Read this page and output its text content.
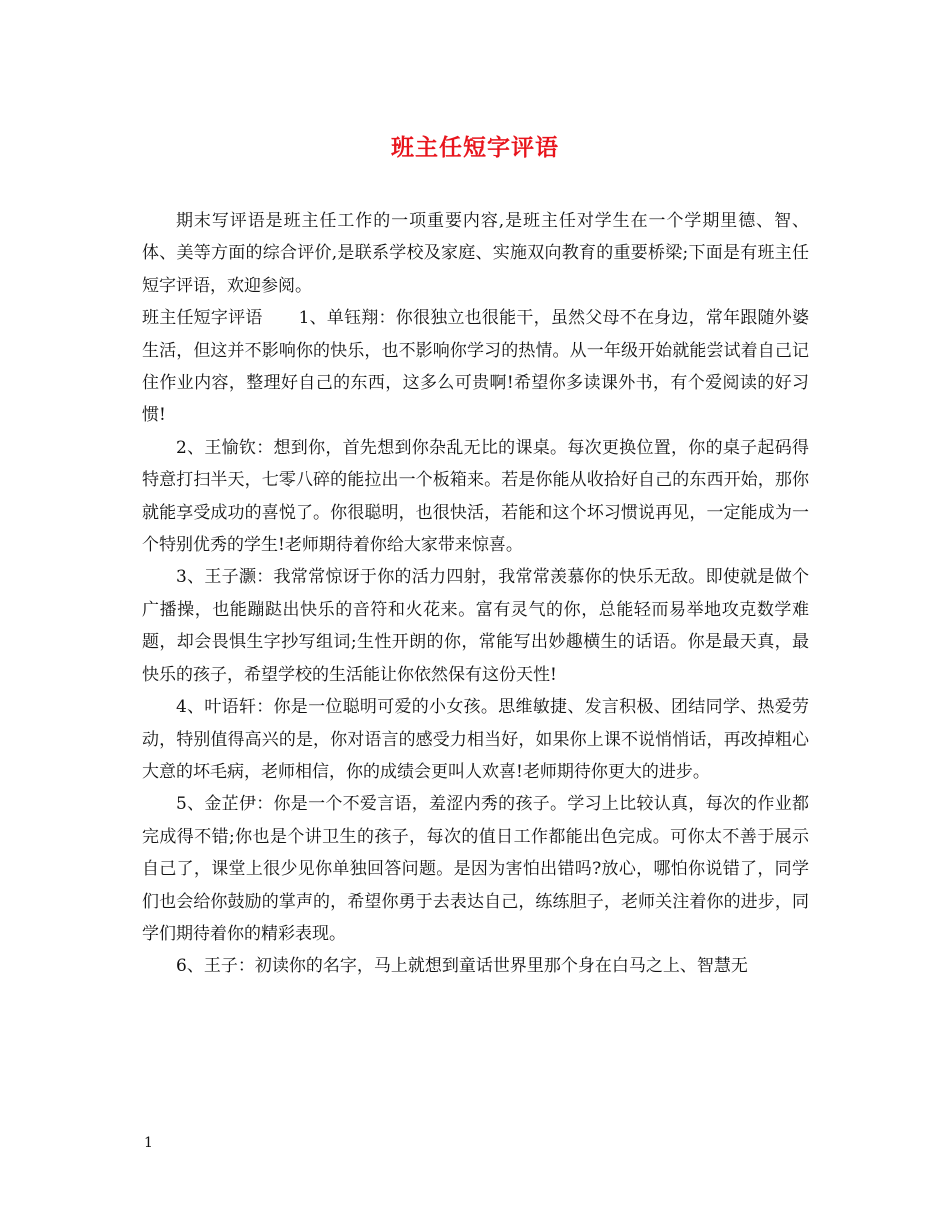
班主任短字评语

期末写评语是班主任工作的一项重要内容,是班主任对学生在一个学期里德、智、体、美等方面的综合评价,是联系学校及家庭、实施双向教育的重要桥梁;下面是有班主任短字评语，欢迎参阅。

班主任短字评语 1、单钰翔：你很独立也很能干，虽然父母不在身边，常年跟随外婆生活，但这并不影响你的快乐，也不影响你学习的热情。从一年级开始就能尝试着自己记住作业内容，整理好自己的东西，这多么可贵啊!希望你多读课外书，有个爱阅读的好习惯!

2、王愉钦：想到你，首先想到你杂乱无比的课桌。每次更换位置，你的桌子起码得特意打扫半天，七零八碎的能拉出一个板箱来。若是你能从收拾好自己的东西开始，那你就能享受成功的喜悦了。你很聪明，也很快活，若能和这个坏习惯说再见，一定能成为一个特别优秀的学生!老师期待着你给大家带来惊喜。

3、王子灏：我常常惊讶于你的活力四射，我常常羡慕你的快乐无敌。即使就是做个广播操，也能蹦跶出快乐的音符和火花来。富有灵气的你，总能轻而易举地攻克数学难题，却会畏惧生字抄写组词;生性开朗的你，常能写出妙趣横生的话语。你是最天真，最快乐的孩子，希望学校的生活能让你依然保有这份天性!

4、叶语轩：你是一位聪明可爱的小女孩。思维敏捷、发言积极、团结同学、热爱劳动，特别值得高兴的是，你对语言的感受力相当好，如果你上课不说悄悄话，再改掉粗心大意的坏毛病，老师相信，你的成绩会更叫人欢喜!老师期待你更大的进步。

5、金芷伊：你是一个不爱言语，羞涩内秀的孩子。学习上比较认真，每次的作业都完成得不错;你也是个讲卫生的孩子，每次的值日工作都能出色完成。可你太不善于展示自己了，课堂上很少见你单独回答问题。是因为害怕出错吗?放心，哪怕你说错了，同学们也会给你鼓励的掌声的，希望你勇于去表达自己，练练胆子，老师关注着你的进步，同学们期待着你的精彩表现。

6、王子：初读你的名字，马上就想到童话世界里那个身在白马之上、智慧无

1
